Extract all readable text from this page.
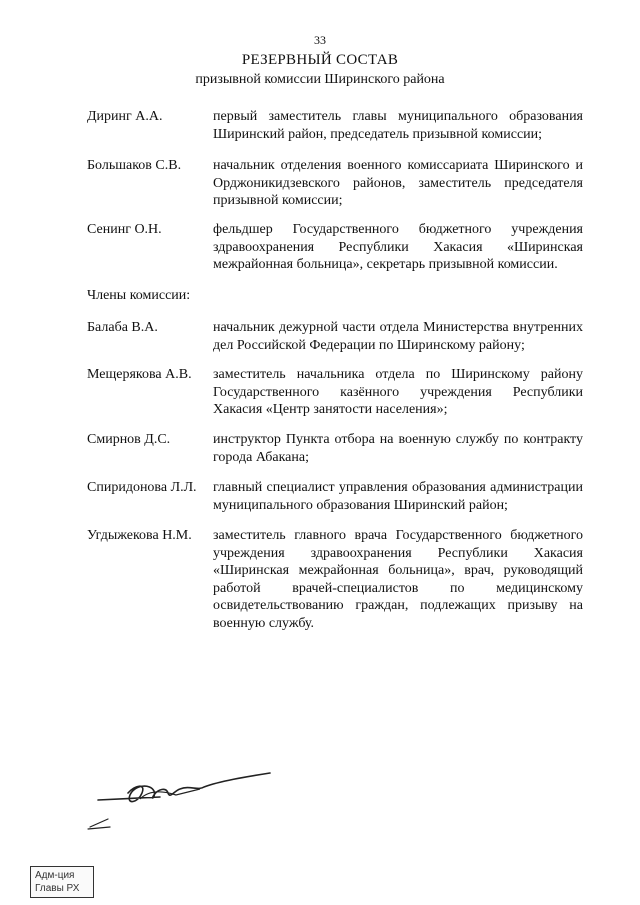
33
РЕЗЕРВНЫЙ СОСТАВ
призывной комиссии Ширинского района
Диринг А.А.	первый заместитель главы муниципального образования Ширинский район, председатель призывной комиссии;
Большаков С.В.	начальник отделения военного комиссариата Ширинского и Орджоникидзевского районов, заместитель председателя призывной комиссии;
Сенинг О.Н.	фельдшер Государственного бюджетного учреждения здравоохранения Республики Хакасия «Ширинская межрайонная больница», секретарь призывной комиссии.
Члены комиссии:
Балаба В.А.	начальник дежурной части отдела Министерства внутренних дел Российской Федерации по Ширинскому району;
Мещерякова А.В.	заместитель начальника отдела по Ширинскому району Государственного казённого учреждения Республики Хакасия «Центр занятости населения»;
Смирнов Д.С.	инструктор Пункта отбора на военную службу по контракту города Абакана;
Спиридонова Л.Л.	главный специалист управления образования администрации муниципального образования Ширинский район;
Угдыжекова Н.М.	заместитель главного врача Государственного бюджетного учреждения здравоохранения Республики Хакасия «Ширинская межрайонная больница», врач, руководящий работой врачей-специалистов по медицинскому освидетельствованию граждан, подлежащих призыву на военную службу.
Адм-ция
Главы РХ
